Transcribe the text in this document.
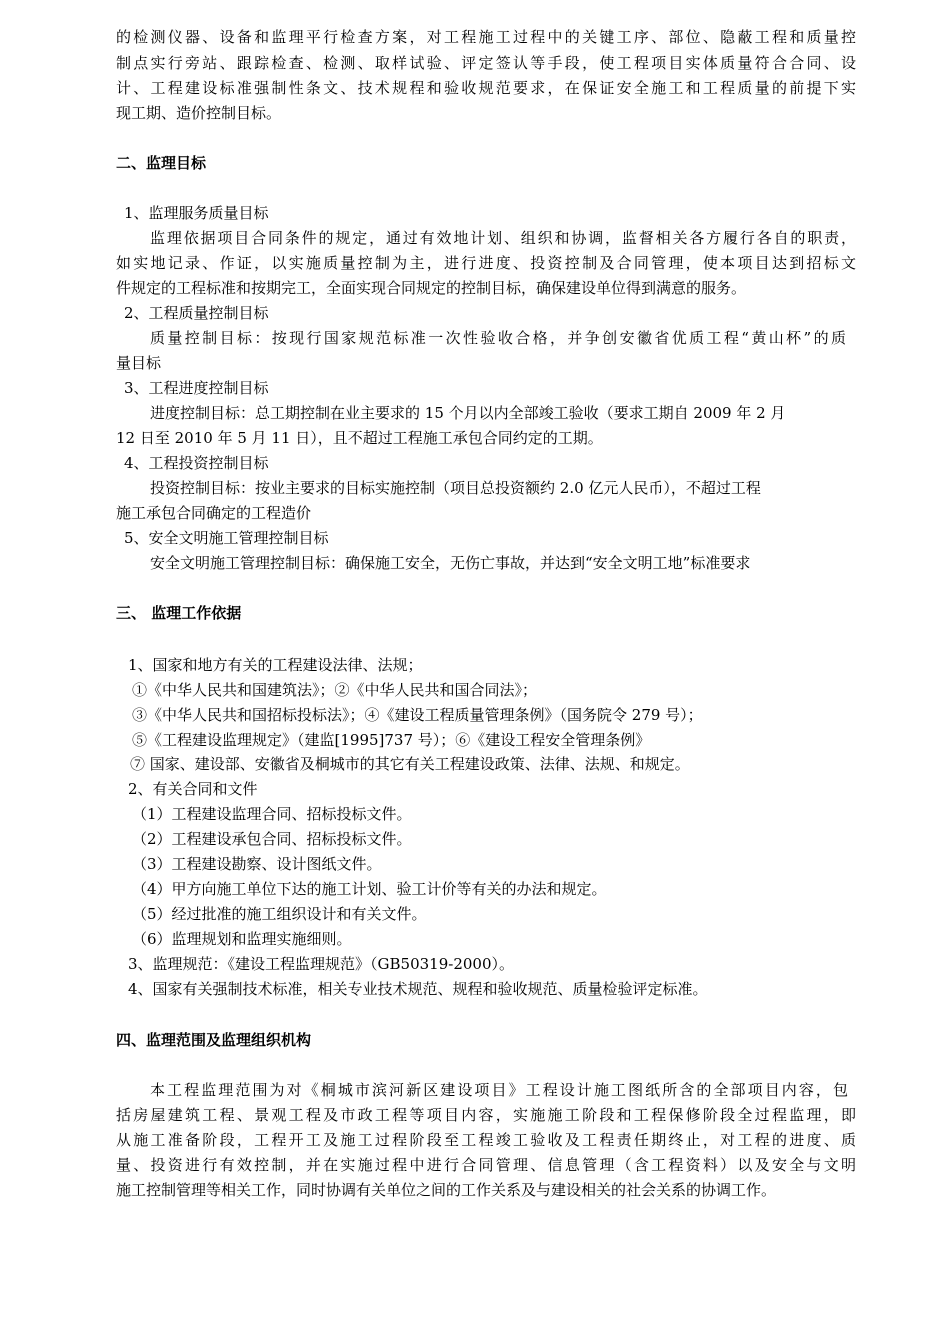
的检测仪器、设备和监理平行检查方案，对工程施工过程中的关键工序、部位、隐蔽工程和质量控
制点实行旁站、跟踪检查、检测、取样试验、评定签认等手段，使工程项目实体质量符合合同、设
计、工程建设标准强制性条文、技术规程和验收规范要求，在保证安全施工和工程质量的前提下实
现工期、造价控制目标。
二、监理目标
1、监理服务质量目标
监理依据项目合同条件的规定，通过有效地计划、组织和协调，监督相关各方履行各自的职责，
如实地记录、作证，以实施质量控制为主，进行进度、投资控制及合同管理，使本项目达到招标文
件规定的工程标准和按期完工，全面实现合同规定的控制目标，确保建设单位得到满意的服务。
2、工程质量控制目标
质量控制目标：按现行国家规范标准一次性验收合格，并争创安徽省优质工程“黄山杯”的质
量目标
3、工程进度控制目标
进度控制目标：总工期控制在业主要求的 15 个月以内全部竣工验收（要求工期自 2009 年 2 月
12 日至 2010 年 5 月 11 日），且不超过工程施工承包合同约定的工期。
4、工程投资控制目标
投资控制目标：按业主要求的目标实施控制（项目总投资额约 2.0 亿元人民币），不超过工程
施工承包合同确定的工程造价
5、安全文明施工管理控制目标
安全文明施工管理控制目标：确保施工安全，无伤亡事故，并达到“安全文明工地”标准要求
三、 监理工作依据
1、国家和地方有关的工程建设法律、法规；
①《中华人民共和国建筑法》；②《中华人民共和国合同法》；
③《中华人民共和国招标投标法》；④《建设工程质量管理条例》（国务院令 279 号）；
⑤《工程建设监理规定》（建监[1995]737 号）；⑥《建设工程安全管理条例》
⑦ 国家、建设部、安徽省及桐城市的其它有关工程建设政策、法律、法规、和规定。
2、有关合同和文件
（1）工程建设监理合同、招标投标文件。
（2）工程建设承包合同、招标投标文件。
（3）工程建设勘察、设计图纸文件。
（4）甲方向施工单位下达的施工计划、验工计价等有关的办法和规定。
（5）经过批准的施工组织设计和有关文件。
（6）监理规划和监理实施细则。
3、监理规范：《建设工程监理规范》（GB50319-2000）。
4、国家有关强制技术标准，相关专业技术规范、规程和验收规范、质量检验评定标准。
四、监理范围及监理组织机构
本工程监理范围为对《桐城市滨河新区建设项目》工程设计施工图纸所含的全部项目内容，包
括房屋建筑工程、景观工程及市政工程等项目内容，实施施工阶段和工程保修阶段全过程监理，即
从施工准备阶段，工程开工及施工过程阶段至工程竣工验收及工程责任期终止，对工程的进度、质
量、投资进行有效控制，并在实施过程中进行合同管理、信息管理（含工程资料）以及安全与文明
施工控制管理等相关工作，同时协调有关单位之间的工作关系及与建设相关的社会关系的协调工作。
